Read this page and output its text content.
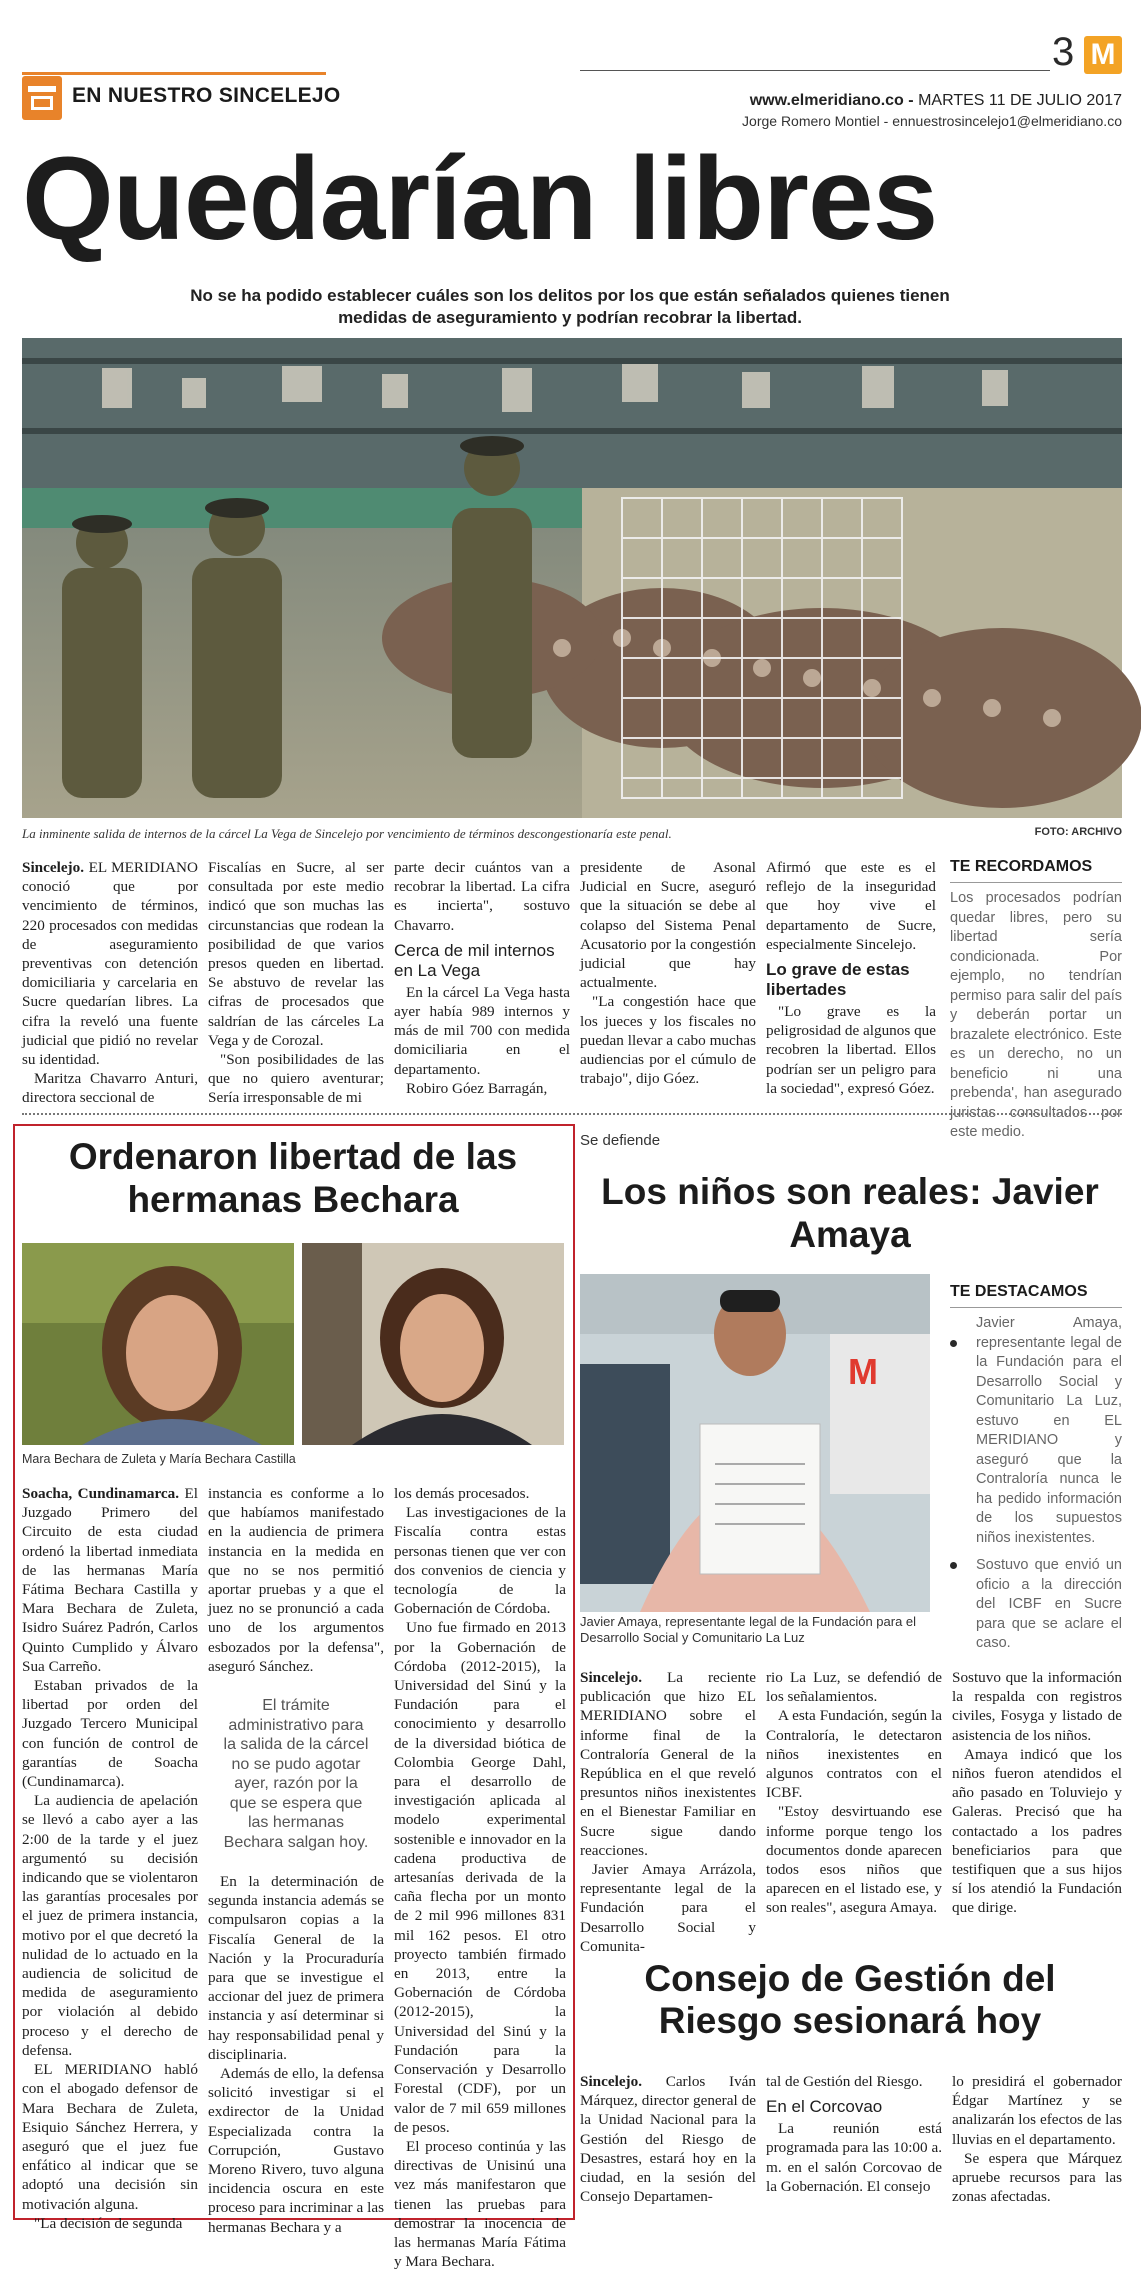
EN NUESTRO SINCELEJO
3 M
www.elmeridiano.co - MARTES 11 DE JULIO 2017
Jorge Romero Montiel - ennuestrosincelejo1@elmeridiano.co
Quedarían libres
No se ha podido establecer cuáles son los delitos por los que están señalados quienes tienen medidas de aseguramiento y podrían recobrar la libertad.
La inminente salida de internos de la cárcel La Vega de Sincelejo por vencimiento de términos descongestionaría este penal.	FOTO: ARCHIVO

Sincelejo. EL MERIDIANO conoció que por vencimiento de términos, 220 procesados con medidas de aseguramiento preventivas con detención domiciliaria y carcelaria en Sucre quedarían libres. La cifra la reveló una fuente judicial que pidió no revelar su identidad.

Maritza Chavarro Anturi, directora seccional de

Fiscalías en Sucre, al ser consultada por este medio indicó que son muchas las circunstancias que rodean la posibilidad de que varios presos queden en libertad. Se abstuvo de revelar las cifras de procesados que saldrían de las cárceles La Vega y de Corozal.

"Son posibilidades de las que no quiero aventurar; Sería irresponsable de mi

parte decir cuántos van a recobrar la libertad. La cifra es incierta", sostuvo Chavarro.

Cerca de mil internos en La Vega

En la cárcel La Vega hasta ayer había 989 internos y más de mil 700 con medida domiciliaria en el departamento.

Robiro Góez Barragán,

presidente de Asonal Judicial en Sucre, aseguró que la situación se debe al colapso del Sistema Penal Acusatorio por la congestión judicial que hay actualmente.

"La congestión hace que los jueces y los fiscales no puedan llevar a cabo muchas audiencias por el cúmulo de trabajo", dijo Góez.

Afirmó que este es el reflejo de la inseguridad que hoy vive el departamento de Sucre, especialmente Sincelejo.

Lo grave de estas libertades

"Lo grave es la peligrosidad de algunos que recobren la libertad. Ellos podrían ser un peligro para la sociedad", expresó Góez.

TE RECORDAMOS
Los procesados podrían quedar libres, pero su libertad sería condicionada. Por ejemplo, no tendrían permiso para salir del país y deberán portar un brazalete electrónico. Este es un derecho, no un beneficio ni una prebenda', han asegurado juristas consultados por este medio.
Ordenaron libertad de las hermanas Bechara
Mara Bechara de Zuleta y María Bechara Castilla

Soacha, Cundinamarca. El Juzgado Primero del Circuito de esta ciudad ordenó la libertad inmediata de las hermanas María Fátima Bechara Castilla y Mara Bechara de Zuleta, Isidro Suárez Padrón, Carlos Quinto Cumplido y Álvaro Sua Carreño.

Estaban privados de la libertad por orden del Juzgado Tercero Municipal con función de control de garantías de Soacha (Cundinamarca).

La audiencia de apelación se llevó a cabo ayer a las 2:00 de la tarde y el juez argumentó su decisión indicando que se violentaron las garantías procesales por el juez de primera instancia, motivo por el que decretó la nulidad de lo actuado en la audiencia de solicitud de medida de aseguramiento por violación al debido proceso y el derecho de defensa.

EL MERIDIANO habló con el abogado defensor de Mara Bechara de Zuleta, Esiquio Sánchez Herrera, y aseguró que el juez fue enfático al indicar que se adoptó una decisión sin motivación alguna.

"La decisión de segunda

instancia es conforme a lo que habíamos manifestado en la audiencia de primera instancia en la medida en que no se nos permitió aportar pruebas y a que el juez no se pronunció a cada uno de los argumentos esbozados por la defensa", aseguró Sánchez.

El trámite administrativo para la salida de la cárcel no se pudo agotar ayer, razón por la que se espera que las hermanas Bechara salgan hoy.

En la determinación de segunda instancia además se compulsaron copias a la Fiscalía General de la Nación y la Procuraduría para que se investigue el accionar del juez de primera instancia y así determinar si hay responsabilidad penal y disciplinaria.

Además de ello, la defensa solicitó investigar si el exdirector de la Unidad Especializada contra la Corrupción, Gustavo Moreno Rivero, tuvo alguna incidencia oscura en este proceso para incriminar a las hermanas Bechara y a

los demás procesados.

Las investigaciones de la Fiscalía contra estas personas tienen que ver con dos convenios de ciencia y tecnología de la Gobernación de Córdoba.

Uno fue firmado en 2013 por la Gobernación de Córdoba (2012-2015), la Universidad del Sinú y la Fundación para el conocimiento y desarrollo de la diversidad biótica de Colombia George Dahl, para el desarrollo de investigación aplicada al modelo experimental sostenible e innovador en la cadena productiva de artesanías derivada de la caña flecha por un monto de 2 mil 996 millones 831 mil 162 pesos. El otro proyecto también firmado en 2013, entre la Gobernación de Córdoba (2012-2015), la Universidad del Sinú y la Fundación para la Conservación y Desarrollo Forestal (CDF), por un valor de 7 mil 659 millones de pesos.

El proceso continúa y las directivas de Unisinú una vez más manifestaron que tienen las pruebas para demostrar la inocencia de las hermanas María Fátima y Mara Bechara.

Se defiende
Los niños son reales: Javier Amaya
M
Javier Amaya, representante legal de la Fundación para el Desarrollo Social y Comunitario La Luz
TE DESTACAMOS
Javier Amaya, representante legal de la Fundación para el Desarrollo Social y Comunitario La Luz, estuvo en EL MERIDIANO y aseguró que la Contraloría nunca le ha pedido información de los supuestos niños inexistentes.
Sostuvo que envió un oficio a la dirección del ICBF en Sucre para que se aclare el caso.

Sincelejo. La reciente publicación que hizo EL MERIDIANO sobre el informe final de la Contraloría General de la República en el que reveló presuntos niños inexistentes en el Bienestar Familiar en Sucre sigue dando reacciones.

Javier Amaya Arrázola, representante legal de la Fundación para el Desarrollo Social y Comunita-

rio La Luz, se defendió de los señalamientos.

A esta Fundación, según la Contraloría, le detectaron niños inexistentes en algunos contratos con el ICBF.

"Estoy desvirtuando ese informe porque tengo los documentos donde aparecen todos esos niños que aparecen en el listado ese, y son reales", asegura Amaya.

Sostuvo que la información la respalda con registros civiles, Fosyga y listado de asistencia de los niños.

Amaya indicó que los niños fueron atendidos el año pasado en Toluviejo y Galeras. Precisó que ha contactado a los padres beneficiarios para que testifiquen que a sus hijos sí los atendió la Fundación que dirige.

Consejo de Gestión del Riesgo sesionará hoy

Sincelejo. Carlos Iván Márquez, director general de la Unidad Nacional para la Gestión del Riesgo de Desastres, estará hoy en la ciudad, en la sesión del Consejo Departamen-

tal de Gestión del Riesgo.

En el Corcovao

La reunión está programada para las 10:00 a. m. en el salón Corcovao de la Gobernación. El consejo

lo presidirá el gobernador Édgar Martínez y se analizarán los efectos de las lluvias en el departamento.

Se espera que Márquez apruebe recursos para las zonas afectadas.
